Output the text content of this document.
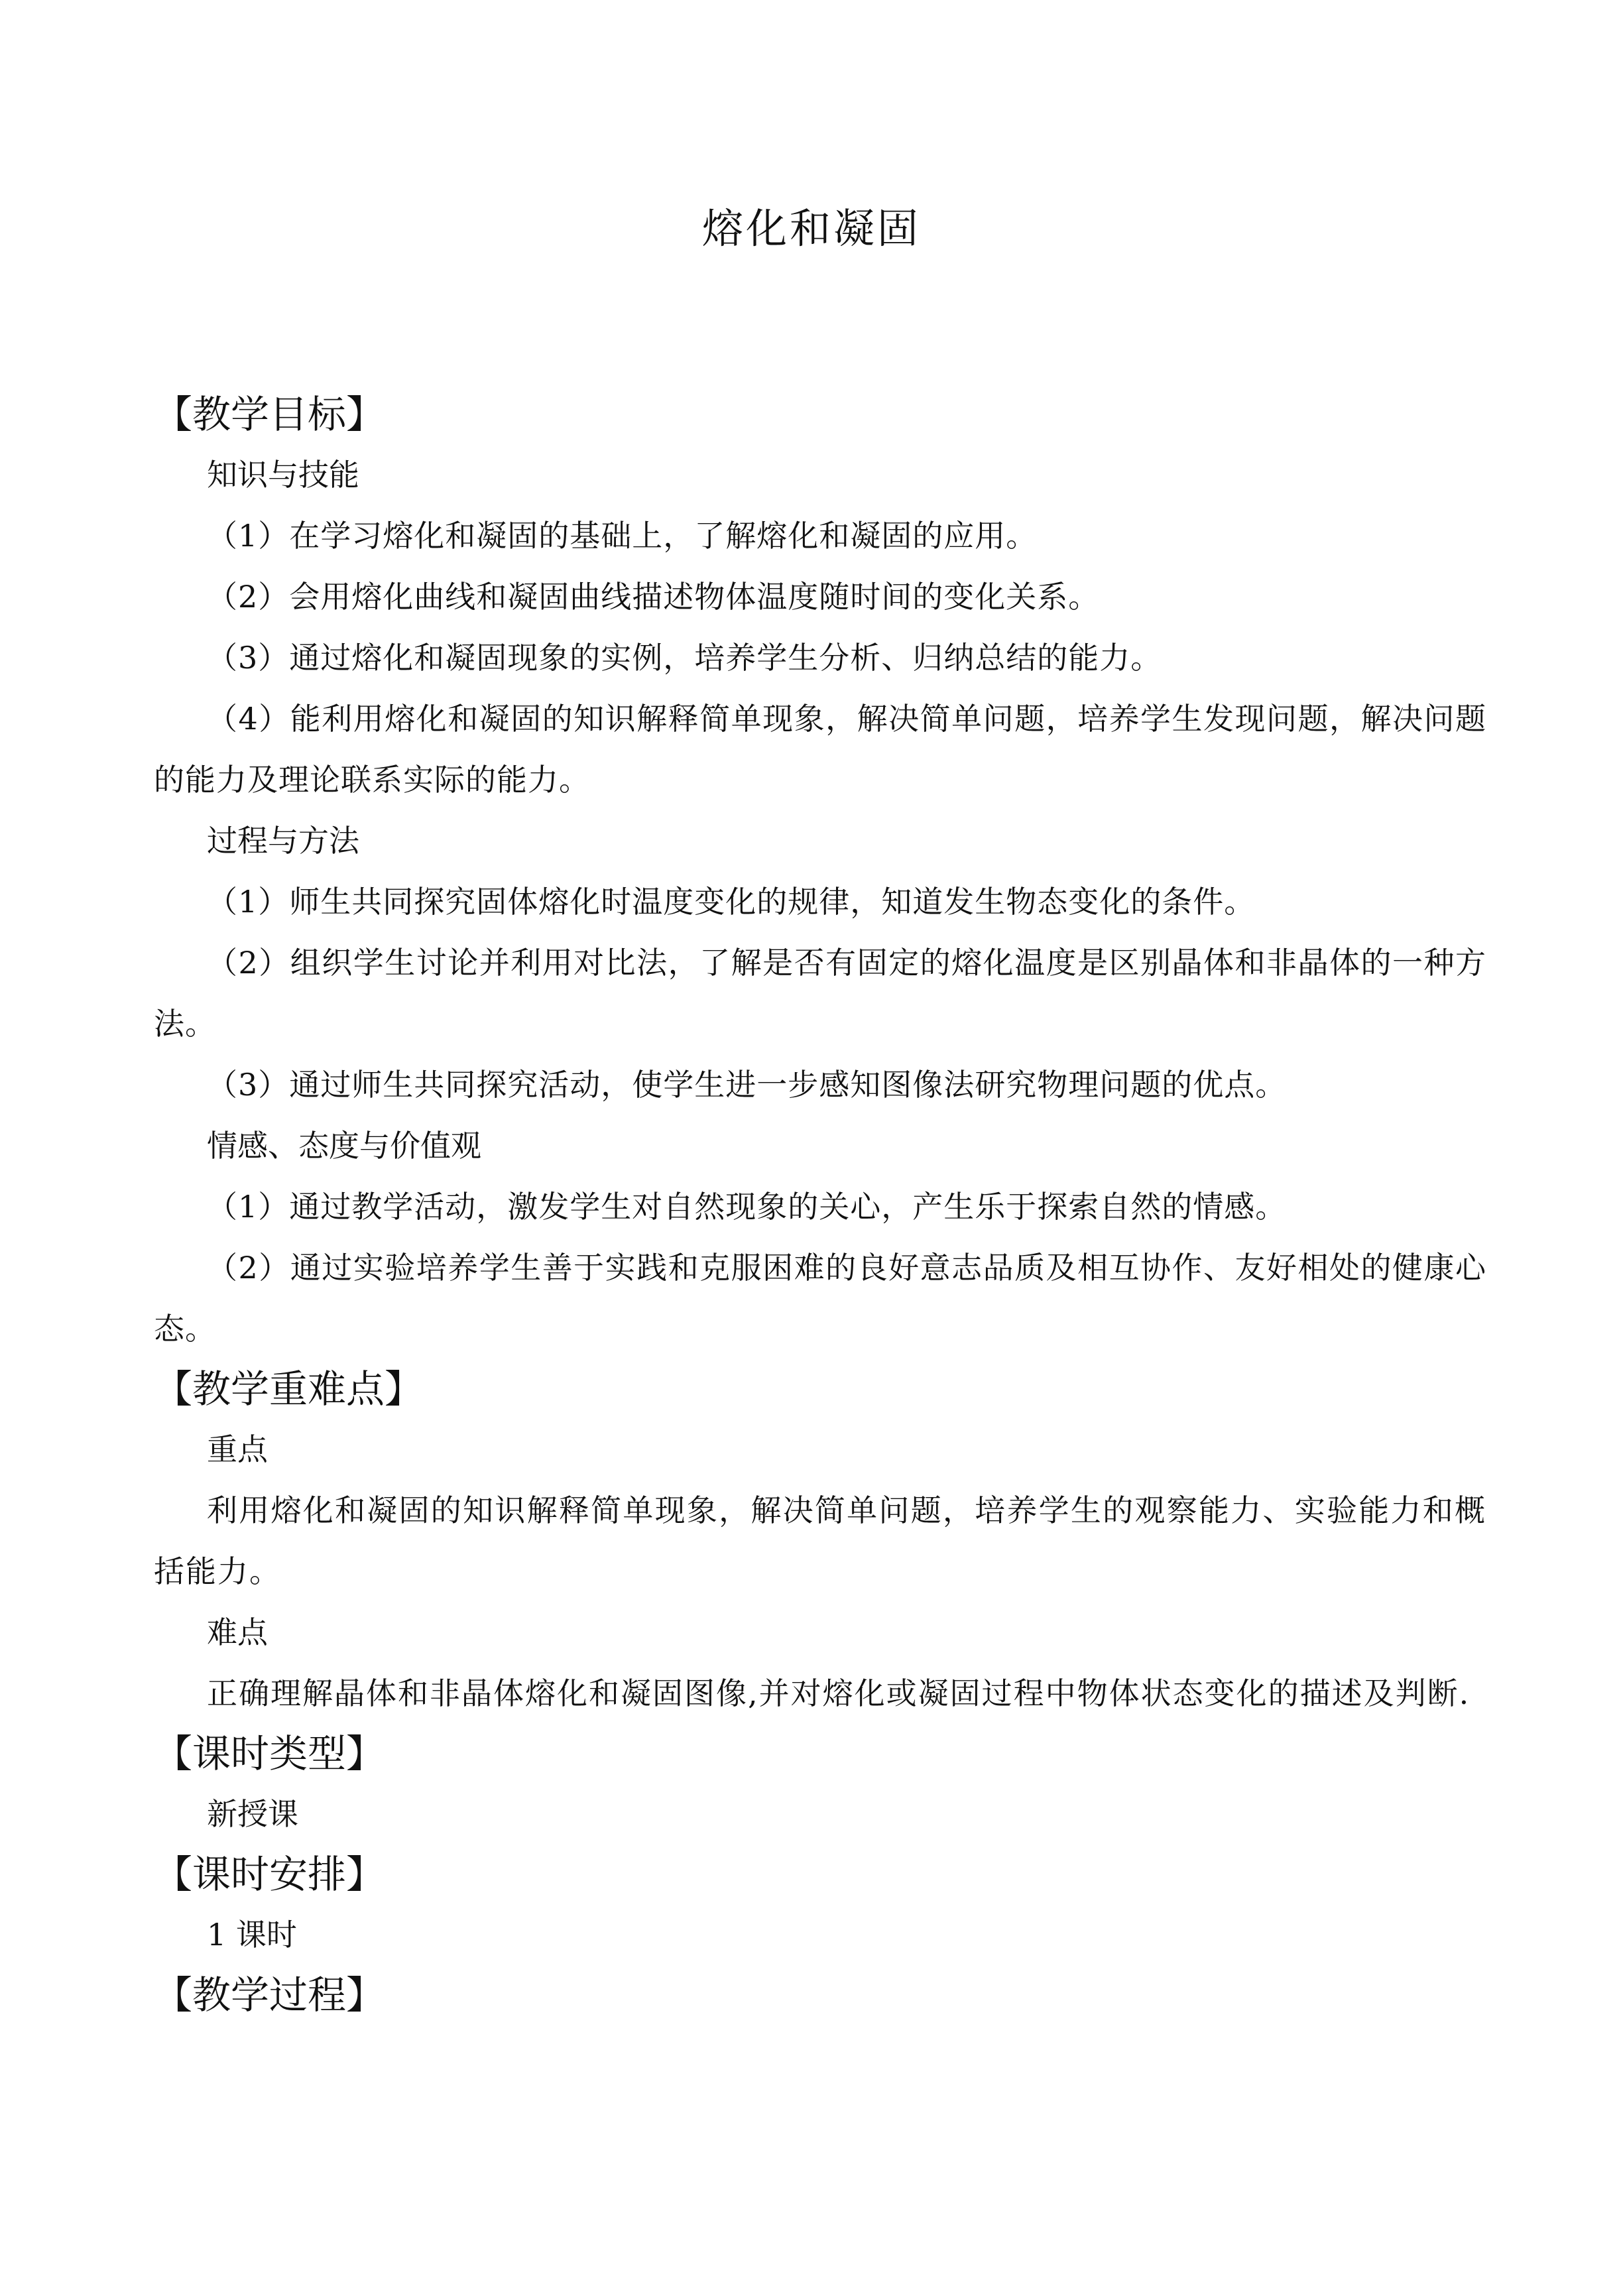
熔化和凝固
【教学目标】
知识与技能
（1）在学习熔化和凝固的基础上，了解熔化和凝固的应用。
（2）会用熔化曲线和凝固曲线描述物体温度随时间的变化关系。
（3）通过熔化和凝固现象的实例，培养学生分析、归纳总结的能力。
（4）能利用熔化和凝固的知识解释简单现象，解决简单问题，培养学生发现问题，解决问题的能力及理论联系实际的能力。
过程与方法
（1）师生共同探究固体熔化时温度变化的规律，知道发生物态变化的条件。
（2）组织学生讨论并利用对比法，了解是否有固定的熔化温度是区别晶体和非晶体的一种方法。
（3）通过师生共同探究活动，使学生进一步感知图像法研究物理问题的优点。
情感、态度与价值观
（1）通过教学活动，激发学生对自然现象的关心，产生乐于探索自然的情感。
（2）通过实验培养学生善于实践和克服困难的良好意志品质及相互协作、友好相处的健康心态。
【教学重难点】
重点
利用熔化和凝固的知识解释简单现象，解决简单问题，培养学生的观察能力、实验能力和概括能力。
难点
正确理解晶体和非晶体熔化和凝固图像,并对熔化或凝固过程中物体状态变化的描述及判断.
【课时类型】
新授课
【课时安排】
1 课时
【教学过程】
